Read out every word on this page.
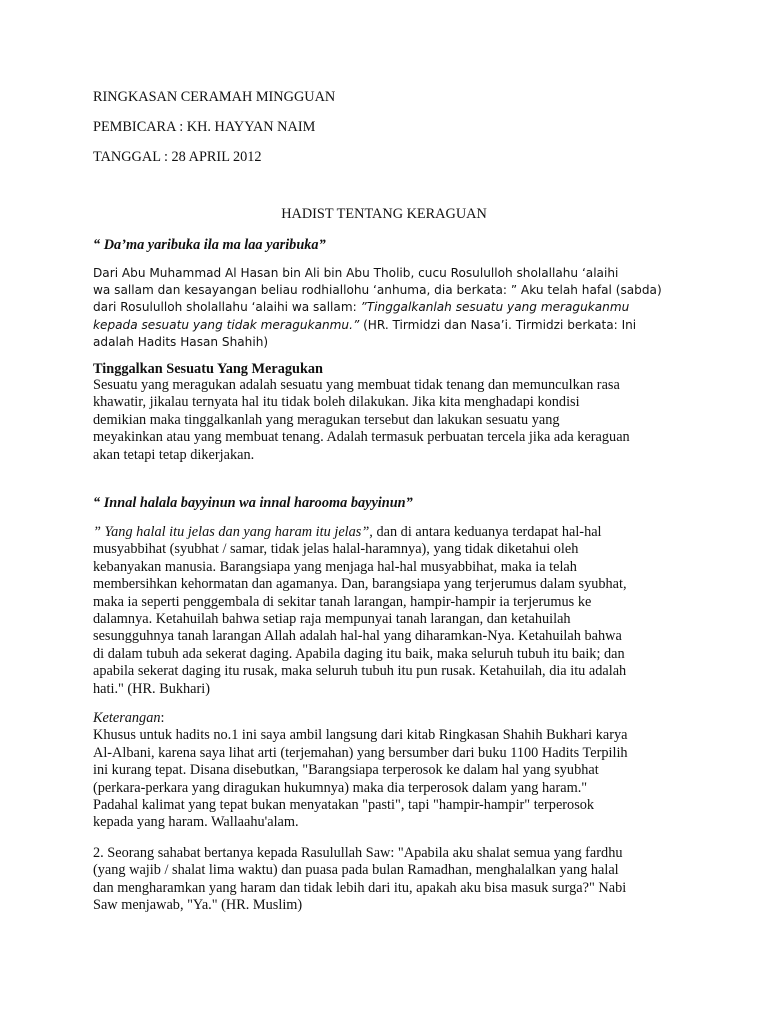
RINGKASAN CERAMAH MINGGUAN
PEMBICARA : KH. HAYYAN NAIM
TANGGAL : 28 APRIL 2012
HADIST TENTANG KERAGUAN
“ Da’ma yaribuka ila ma laa yaribuka”
Dari Abu Muhammad Al Hasan bin Ali bin Abu Tholib, cucu Rosululloh sholallahu ‘alaihi
wa sallam dan kesayangan beliau rodhiallohu ‘anhuma, dia berkata: ” Aku telah hafal (sabda)
dari Rosululloh sholallahu ‘alaihi wa sallam: ”Tinggalkanlah sesuatu yang meragukanmu
kepada sesuatu yang tidak meragukanmu.” (HR. Tirmidzi dan Nasa’i. Tirmidzi berkata: Ini
adalah Hadits Hasan Shahih)
Tinggalkan Sesuatu Yang Meragukan
Sesuatu yang meragukan adalah sesuatu yang membuat tidak tenang dan memunculkan rasa
khawatir, jikalau ternyata hal itu tidak boleh dilakukan. Jika kita menghadapi kondisi
demikian maka tinggalkanlah yang meragukan tersebut dan lakukan sesuatu yang
meyakinkan atau yang membuat tenang. Adalah termasuk perbuatan tercela jika ada keraguan
akan tetapi tetap dikerjakan.
“ Innal halala bayyinun wa innal harooma bayyinun”
” Yang halal itu jelas dan yang haram itu jelas”, dan di antara keduanya terdapat hal-hal
musyabbihat (syubhat / samar, tidak jelas halal-haramnya), yang tidak diketahui oleh
kebanyakan manusia. Barangsiapa yang menjaga hal-hal musyabbihat, maka ia telah
membersihkan kehormatan dan agamanya. Dan, barangsiapa yang terjerumus dalam syubhat,
maka ia seperti penggembala di sekitar tanah larangan, hampir-hampir ia terjerumus ke
dalamnya. Ketahuilah bahwa setiap raja mempunyai tanah larangan, dan ketahuilah
sesungguhnya tanah larangan Allah adalah hal-hal yang diharamkan-Nya. Ketahuilah bahwa
di dalam tubuh ada sekerat daging. Apabila daging itu baik, maka seluruh tubuh itu baik; dan
apabila sekerat daging itu rusak, maka seluruh tubuh itu pun rusak. Ketahuilah, dia itu adalah
hati." (HR. Bukhari)
Keterangan:
Khusus untuk hadits no.1 ini saya ambil langsung dari kitab Ringkasan Shahih Bukhari karya
Al-Albani, karena saya lihat arti (terjemahan) yang bersumber dari buku 1100 Hadits Terpilih
ini kurang tepat. Disana disebutkan, "Barangsiapa terperosok ke dalam hal yang syubhat
(perkara-perkara yang diragukan hukumnya) maka dia terperosok dalam yang haram."
Padahal kalimat yang tepat bukan menyatakan "pasti", tapi "hampir-hampir" terperosok
kepada yang haram. Wallaahu'alam.
2. Seorang sahabat bertanya kepada Rasulullah Saw: "Apabila aku shalat semua yang fardhu
(yang wajib / shalat lima waktu) dan puasa pada bulan Ramadhan, menghalalkan yang halal
dan mengharamkan yang haram dan tidak lebih dari itu, apakah aku bisa masuk surga?" Nabi
Saw menjawab, "Ya." (HR. Muslim)
